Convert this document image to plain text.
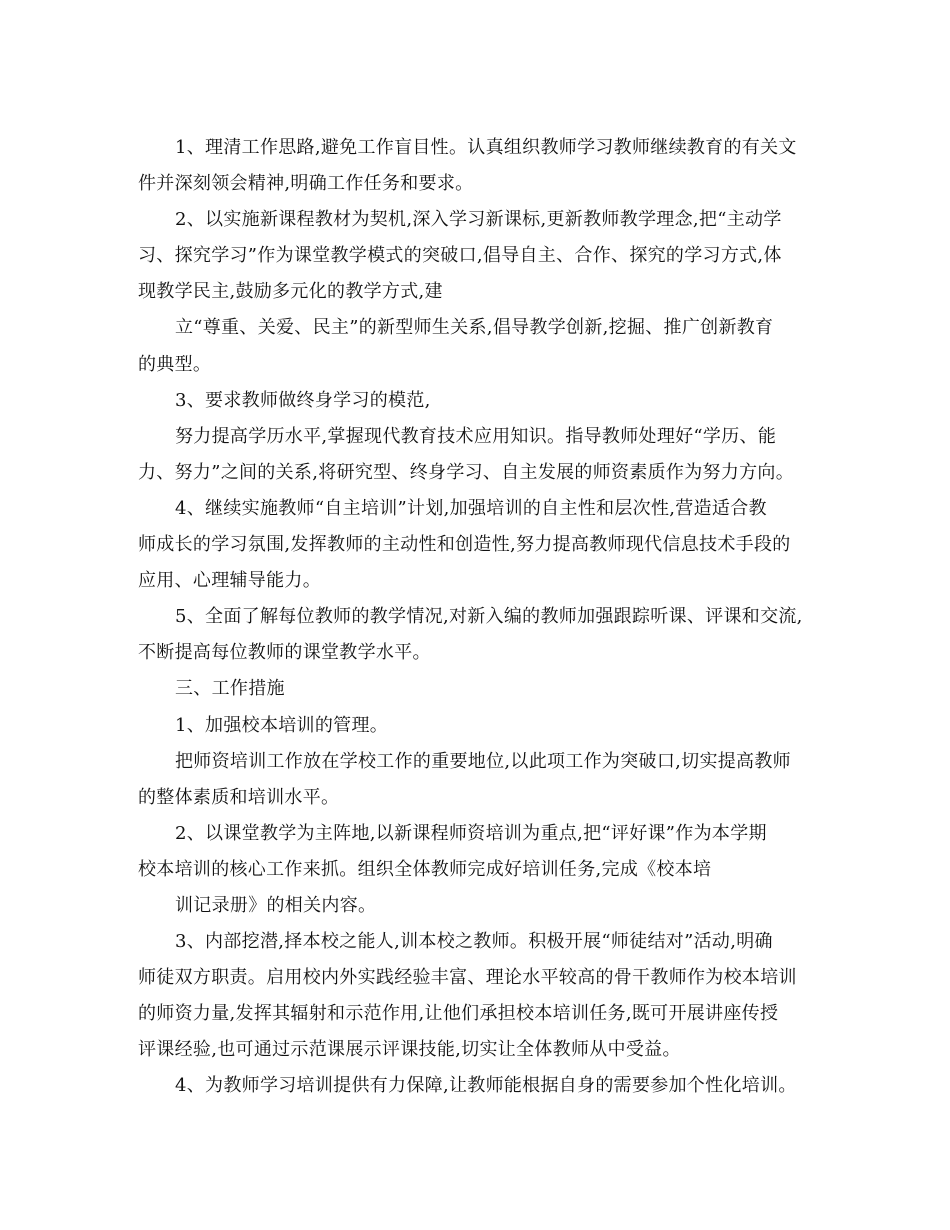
1、理清工作思路,避免工作盲目性。认真组织教师学习教师继续教育的有关文
件并深刻领会精神,明确工作任务和要求。
2、以实施新课程教材为契机,深入学习新课标,更新教师教学理念,把“主动学
习、探究学习”作为课堂教学模式的突破口,倡导自主、合作、探究的学习方式,体
现教学民主,鼓励多元化的教学方式,建
立“尊重、关爱、民主”的新型师生关系,倡导教学创新,挖掘、推广创新教育
的典型。
3、要求教师做终身学习的模范,
努力提高学历水平,掌握现代教育技术应用知识。指导教师处理好“学历、能
力、努力”之间的关系,将研究型、终身学习、自主发展的师资素质作为努力方向。
4、继续实施教师“自主培训”计划,加强培训的自主性和层次性,营造适合教
师成长的学习氛围,发挥教师的主动性和创造性,努力提高教师现代信息技术手段的
应用、心理辅导能力。
5、全面了解每位教师的教学情况,对新入编的教师加强跟踪听课、评课和交流,
不断提高每位教师的课堂教学水平。
三、工作措施
1、加强校本培训的管理。
把师资培训工作放在学校工作的重要地位,以此项工作为突破口,切实提高教师
的整体素质和培训水平。
2、以课堂教学为主阵地,以新课程师资培训为重点,把“评好课”作为本学期
校本培训的核心工作来抓。组织全体教师完成好培训任务,完成《校本培
训记录册》的相关内容。
3、内部挖潜,择本校之能人,训本校之教师。积极开展“师徒结对”活动,明确
师徒双方职责。启用校内外实践经验丰富、理论水平较高的骨干教师作为校本培训
的师资力量,发挥其辐射和示范作用,让他们承担校本培训任务,既可开展讲座传授
评课经验,也可通过示范课展示评课技能,切实让全体教师从中受益。
4、为教师学习培训提供有力保障,让教师能根据自身的需要参加个性化培训。
